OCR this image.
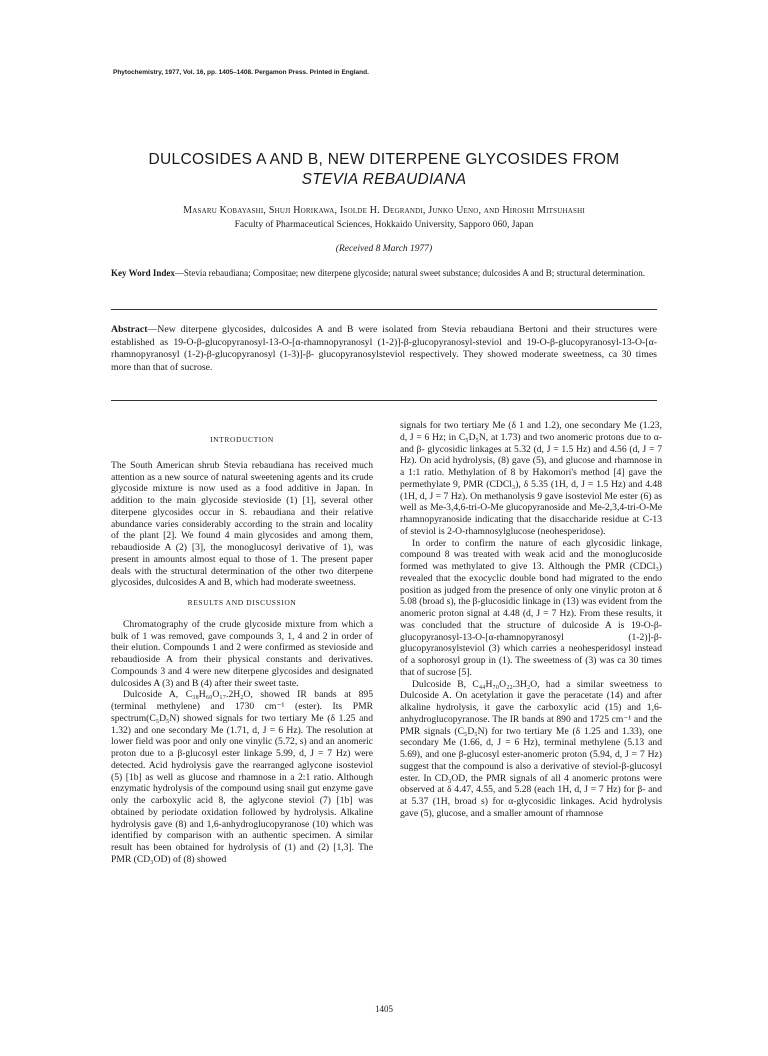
Phytochemistry, 1977, Vol. 16, pp. 1405–1408. Pergamon Press. Printed in England.
DULCOSIDES A AND B, NEW DITERPENE GLYCOSIDES FROM
STEVIA REBAUDIANA
Masaru Kobayashi, Shuji Horikawa, Isolde H. Degrandi, Junko Ueno, and Hiroshi Mitsuhashi
Faculty of Pharmaceutical Sciences, Hokkaido University, Sapporo 060, Japan
(Received 8 March 1977)
Key Word Index—Stevia rebaudiana; Compositae; new diterpene glycoside; natural sweet substance; dulcosides A and B; structural determination.
Abstract—New diterpene glycosides, dulcosides A and B were isolated from Stevia rebaudiana Bertoni and their structures were established as 19-O-β-glucopyranosyl-13-O-[α-rhamnopyranosyl (1-2)]-β-glucopyranosyl-steviol and 19-O-β-glucopyranosyl-13-O-[α-rhamnopyranosyl (1-2)-β-glucopyranosyl (1-3)]-β- glucopyranosylsteviol respectively. They showed moderate sweetness, ca 30 times more than that of sucrose.
INTRODUCTION

The South American shrub Stevia rebaudiana has received much attention as a new source of natural sweetening agents and its crude glycoside mixture is now used as a food additive in Japan. In addition to the main glycoside stevioside (1) [1], several other diterpene glycosides occur in S. rebaudiana and their relative abundance varies considerably according to the strain and locality of the plant [2]. We found 4 main glycosides and among them, rebaudioside A (2) [3], the monoglucosyl derivative of 1), was present in amounts almost equal to those of 1. The present paper deals with the structural determination of the other two diterpene glycosides, dulcosides A and B, which had moderate sweetness.

RESULTS AND DISCUSSION

Chromatography of the crude glycoside mixture from which a bulk of 1 was removed, gave compounds 3, 1, 4 and 2 in order of their elution. Compounds 1 and 2 were confirmed as stevioside and rebaudioside A from their physical constants and derivatives. Compounds 3 and 4 were new diterpene glycosides and designated dulcosides A (3) and B (4) after their sweet taste.

Dulcoside A, C₃₈H₆₀O₁₇.2H₂O, showed IR bands at 895 (terminal methylene) and 1730 cm⁻¹ (ester). Its PMR spectrum(C₅D₅N) showed signals for two tertiary Me (δ 1.25 and 1.32) and one secondary Me (1.71, d, J = 6 Hz). The resolution at lower field was poor and only one vinylic (5.72, s) and an anomeric proton due to a β-glucosyl ester linkage 5.99, d, J = 7 Hz) were detected. Acid hydrolysis gave the rearranged aglycone isosteviol (5) [1b] as well as glucose and rhamnose in a 2:1 ratio. Although enzymatic hydrolysis of the compound using snail gut enzyme gave only the carboxylic acid 8, the aglycone steviol (7) [1b] was obtained by periodate oxidation followed by hydrolysis. Alkaline hydrolysis gave (8) and 1,6-anhydroglucopyranose (10) which was identified by comparison with an authentic specimen. A similar result has been obtained for hydrolysis of (1) and (2) [1,3]. The PMR (CD₃OD) of (8) showed

signals for two tertiary Me (δ 1 and 1.2), one secondary Me (1.23, d, J = 6 Hz; in C₅D₅N, at 1.73) and two anomeric protons due to α- and β- glycosidic linkages at 5.32 (d, J = 1.5 Hz) and 4.56 (d, J = 7 Hz). On acid hydrolysis, (8) gave (5), and glucose and rhamnose in a 1:1 ratio. Methylation of 8 by Hakomori's method [4] gave the permethylate 9, PMR (CDCl₃), δ 5.35 (1H, d, J = 1.5 Hz) and 4.48 (1H, d, J = 7 Hz). On methanolysis 9 gave isosteviol Me ester (6) as well as Me-3,4,6-tri-O-Me glucopyranoside and Me-2,3,4-tri-O-Me rhamnopyranoside indicating that the disaccharide residue at C-13 of steviol is 2-O-rhamnosylglucose (neohesperidose).

In order to confirm the nature of each glycosidic linkage, compound 8 was treated with weak acid and the monoglucoside formed was methylated to give 13. Although the PMR (CDCl₃) revealed that the exocyclic double bond had migrated to the endo position as judged from the presence of only one vinylic proton at δ 5.08 (broad s), the β-glucosidic linkage in (13) was evident from the anomeric proton signal at 4.48 (d, J = 7 Hz). From these results, it was concluded that the structure of dulcoside A is 19-O-β-glucopyranosyl-13-O-[α-rhamnopyranosyl (1-2)]-β-glucopyranosylsteviol (3) which carries a neohesperidosyl instead of a sophorosyl group in (1). The sweetness of (3) was ca 30 times that of sucrose [5].

Dulcoside B, C₄₄H₇₀O₂₂.3H₂O, had a similar sweetness to Dulcoside A. On acetylation it gave the peracetate (14) and after alkaline hydrolysis, it gave the carboxylic acid (15) and 1,6-anhydroglucopyranose. The IR bands at 890 and 1725 cm⁻¹ and the PMR signals (C₅D₅N) for two tertiary Me (δ 1.25 and 1.33), one secondary Me (1.66, d, J = 6 Hz), terminal methylene (5.13 and 5.69), and one β-glucosyl ester-anomeric proton (5.94, d, J = 7 Hz) suggest that the compound is also a derivative of steviol-β-glucosyl ester. In CD₃OD, the PMR signals of all 4 anomeric protons were observed at δ 4.47, 4.55, and 5.28 (each 1H, d, J = 7 Hz) for β- and at 5.37 (1H, broad s) for α-glycosidic linkages. Acid hydrolysis gave (5), glucose, and a smaller amount of rhamnose

1405
